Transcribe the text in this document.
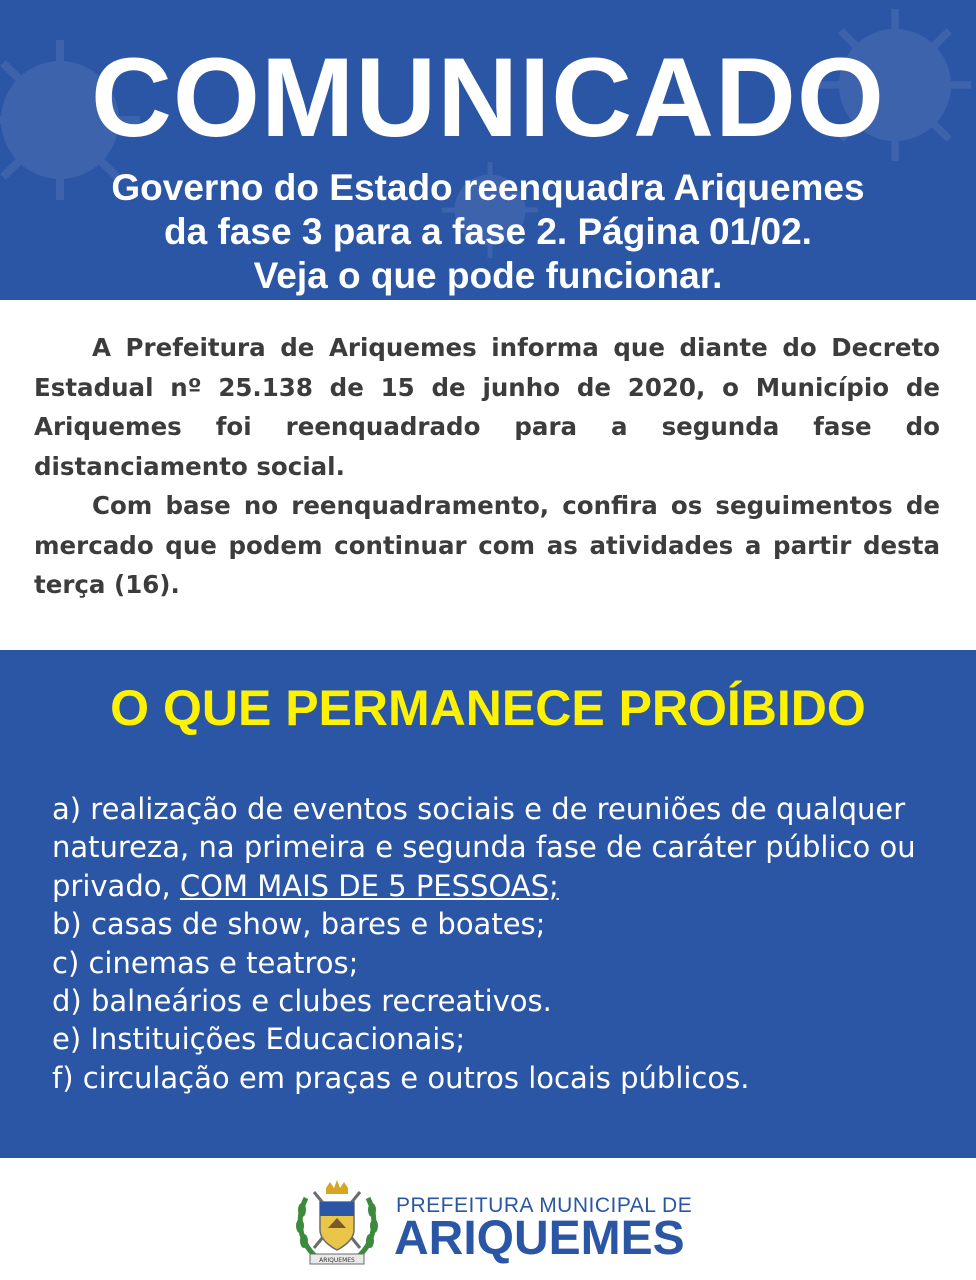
COMUNICADO
Governo do Estado reenquadra Ariquemes
da fase 3 para a fase 2. Página 01/02.
Veja o que pode funcionar.

A Prefeitura de Ariquemes informa que diante do Decreto Estadual nº 25.138 de 15 de junho de 2020, o Município de Ariquemes foi reenquadrado para a segunda fase do distanciamento social.

Com base no reenquadramento, confira os seguimentos de mercado que podem continuar com as atividades a partir desta terça (16).

O QUE PERMANECE PROÍBIDO
a) realização de eventos sociais e de reuniões de qualquer natureza, na primeira e segunda fase de caráter público ou privado, COM MAIS DE 5 PESSOAS;
b) casas de show, bares e boates;
c) cinemas e teatros;
d) balneários e clubes recreativos.
e) Instituições Educacionais;
f) circulação em praças e outros locais públicos.
ARIQUEMES
PREFEITURA MUNICIPAL DE
ARIQUEMES
